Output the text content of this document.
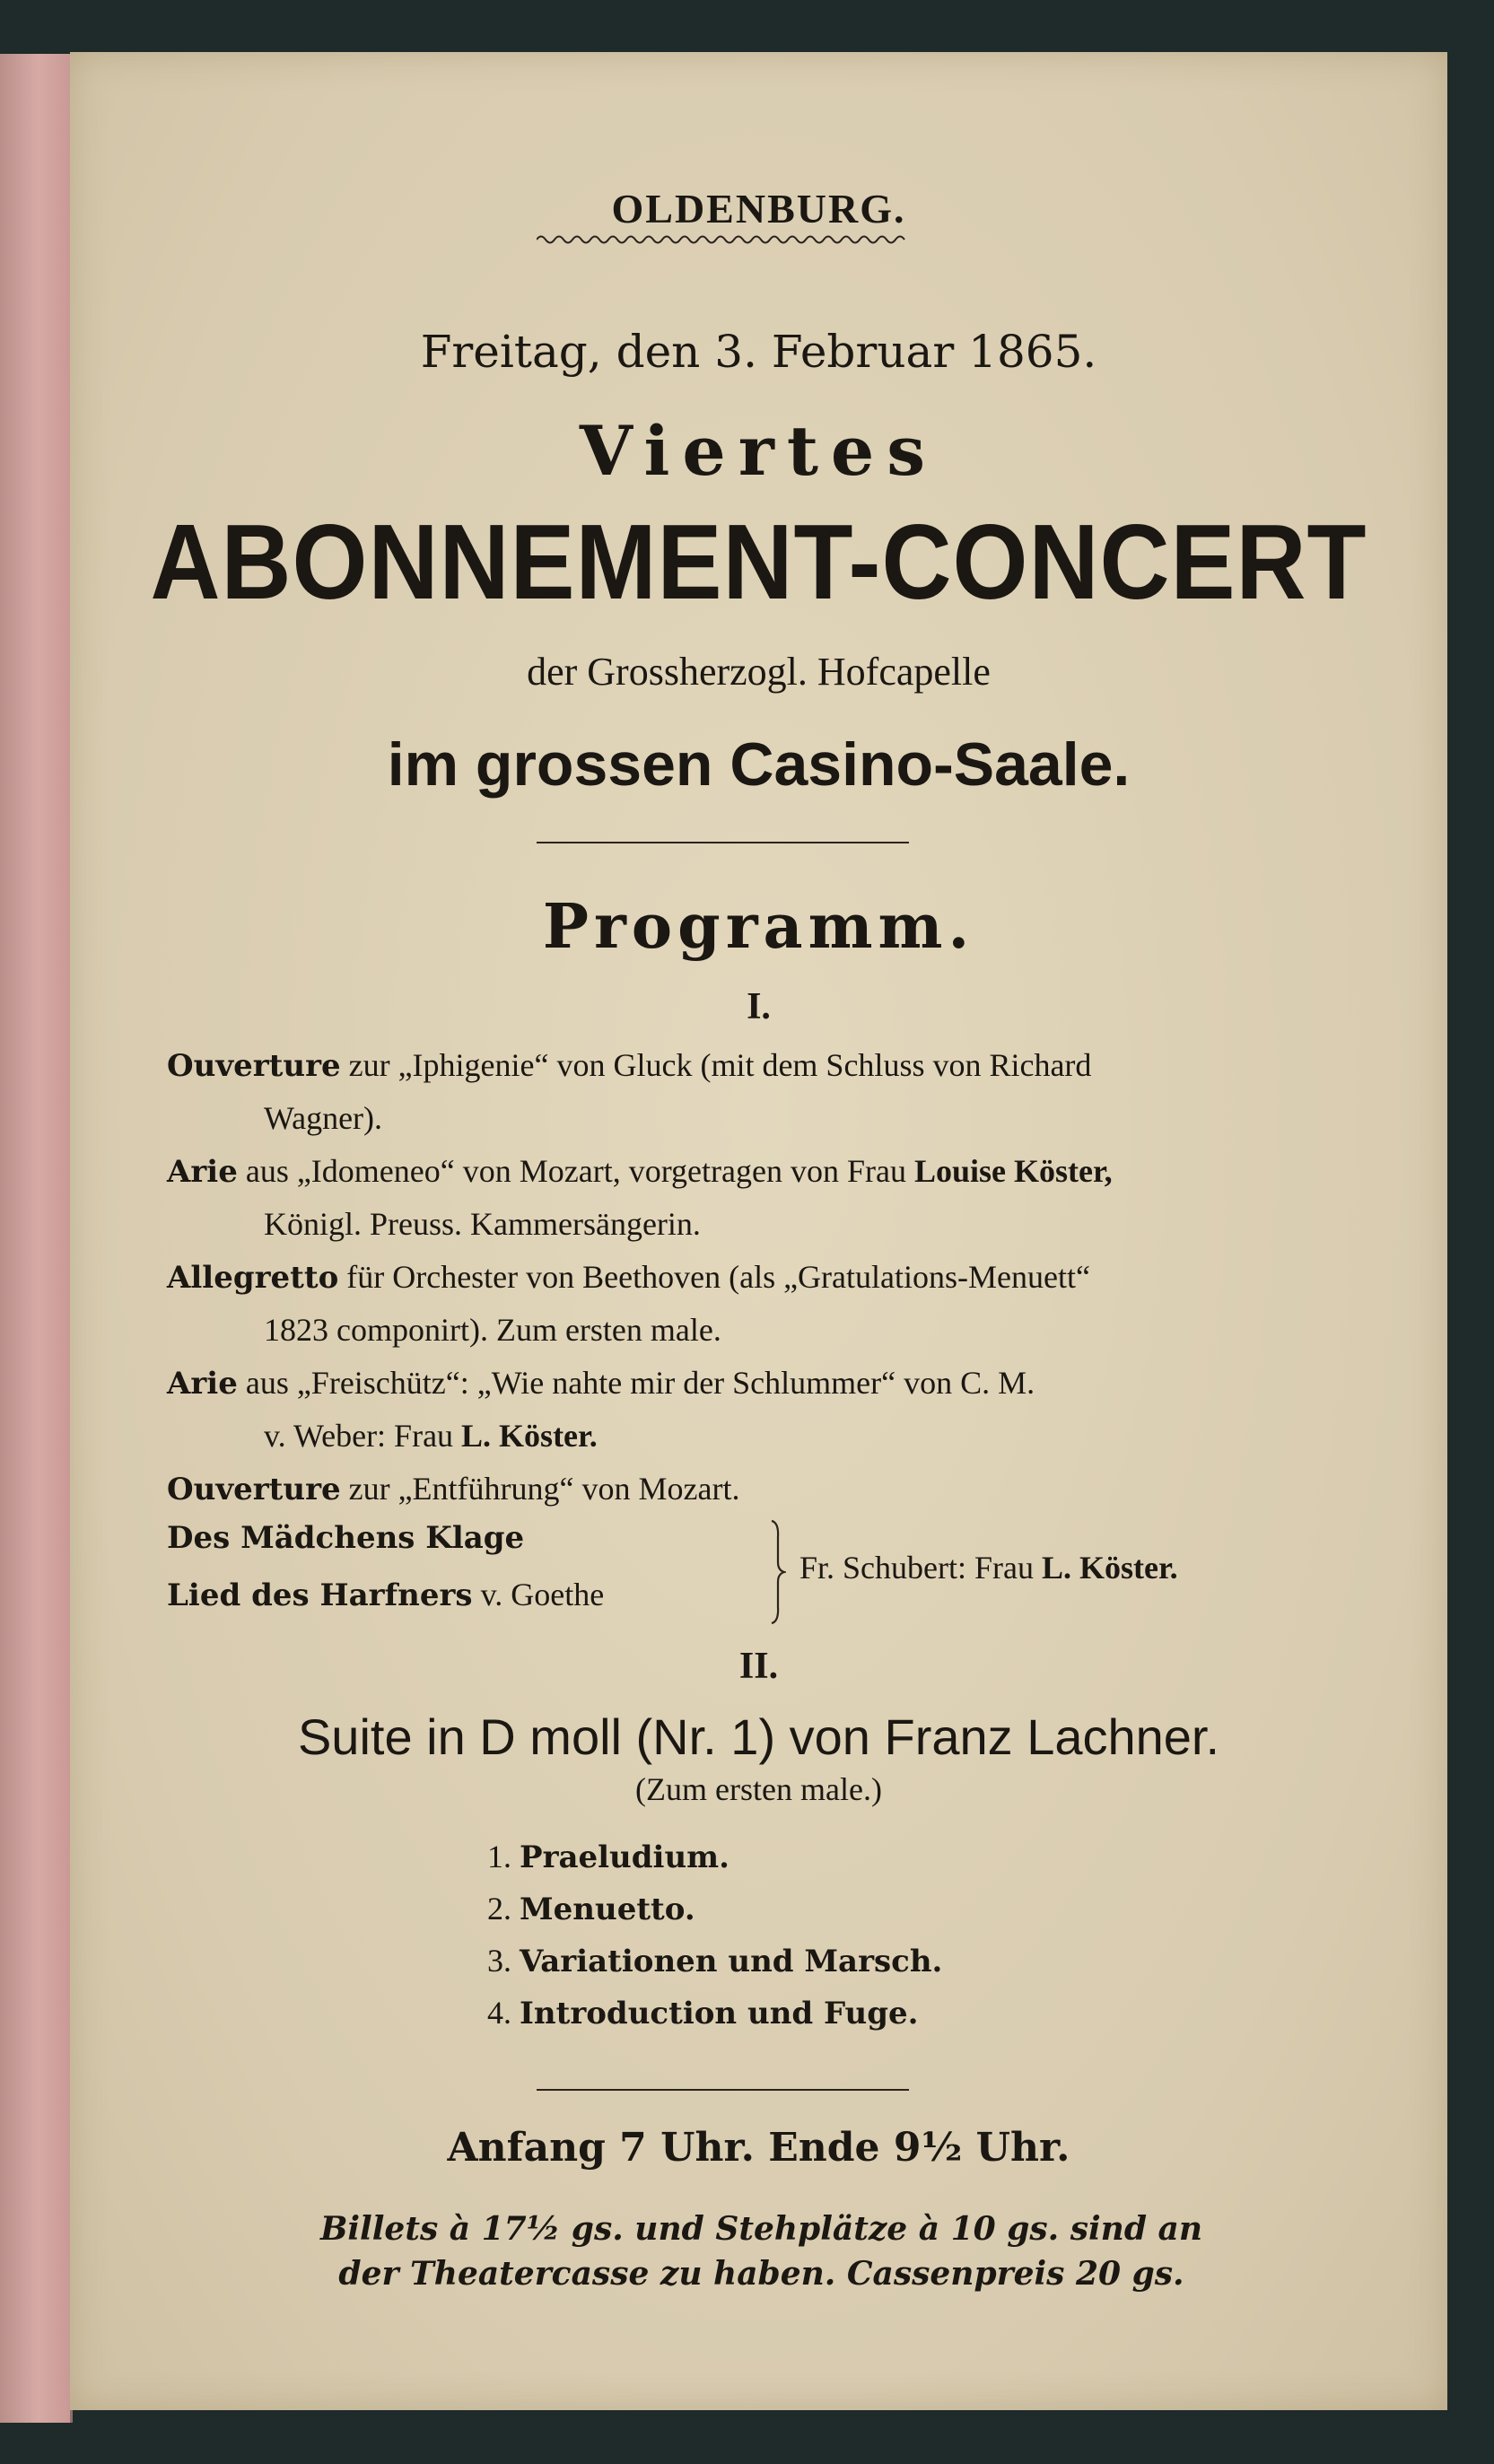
OLDENBURG.
Freitag, den 3. Februar 1865.
Viertes
ABONNEMENT-CONCERT
der Grossherzogl. Hofcapelle
im grossen Casino-Saale.
Programm.
I.
Ouverture zur „Iphigenie“ von Gluck (mit dem Schluss von Richard
Wagner).
Arie aus „Idomeneo“ von Mozart, vorgetragen von Frau Louise Köster,
Königl. Preuss. Kammersängerin.
Allegretto für Orchester von Beethoven (als „Gratulations-Menuett“
1823 componirt). Zum ersten male.
Arie aus „Freischütz“: „Wie nahte mir der Schlummer“ von C. M.
v. Weber: Frau L. Köster.
Ouverture zur „Entführung“ von Mozart.
Des Mädchens Klage
Lied des Harfners v. Goethe
Fr. Schubert: Frau L. Köster.
II.
Suite in D moll (Nr. 1) von Franz Lachner.
(Zum ersten male.)
1. Praeludium.
2. Menuetto.
3. Variationen und Marsch.
4. Introduction und Fuge.
Anfang 7 Uhr. Ende 9½ Uhr.
Billets à 17½ gs. und Stehplätze à 10 gs. sind an
der Theatercasse zu haben. Cassenpreis 20 gs.
